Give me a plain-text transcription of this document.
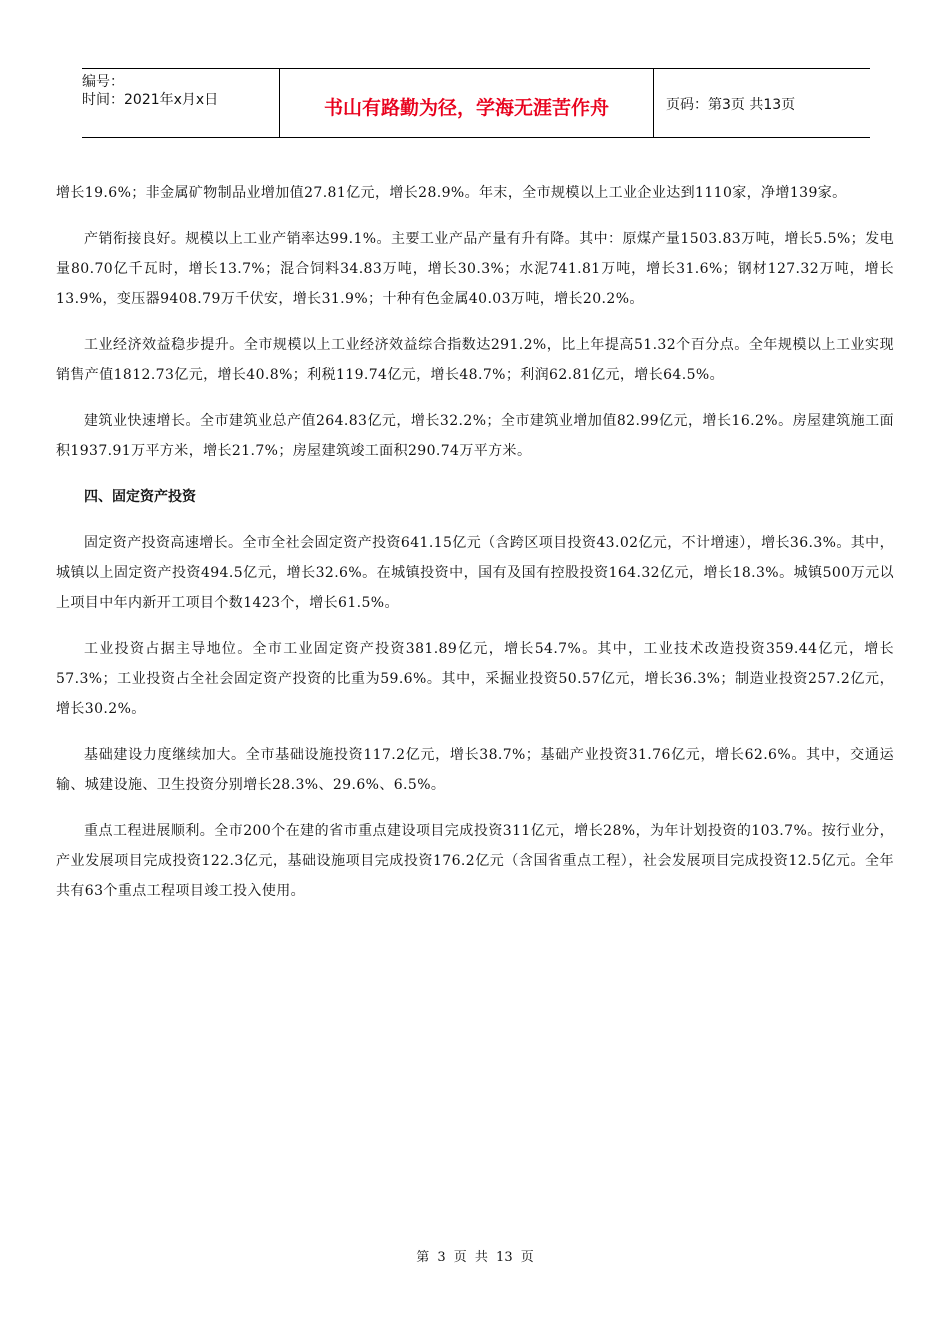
编号：
时间：2021年x月x日	书山有路勤为径，学海无涯苦作舟	页码：第3页 共13页

增长19.6%；非金属矿物制品业增加值27.81亿元，增长28.9%。年末，全市规模以上工业企业达到1110家，净增139家。

产销衔接良好。规模以上工业产销率达99.1%。主要工业产品产量有升有降。其中：原煤产量1503.83万吨，增长5.5%；发电量80.70亿千瓦时，增长13.7%；混合饲料34.83万吨，增长30.3%；水泥741.81万吨，增长31.6%；钢材127.32万吨，增长13.9%，变压器9408.79万千伏安，增长31.9%；十种有色金属40.03万吨，增长20.2%。

工业经济效益稳步提升。全市规模以上工业经济效益综合指数达291.2%，比上年提高51.32个百分点。全年规模以上工业实现销售产值1812.73亿元，增长40.8%；利税119.74亿元，增长48.7%；利润62.81亿元，增长64.5%。

建筑业快速增长。全市建筑业总产值264.83亿元，增长32.2%；全市建筑业增加值82.99亿元，增长16.2%。房屋建筑施工面积1937.91万平方米，增长21.7%；房屋建筑竣工面积290.74万平方米。

四、固定资产投资

固定资产投资高速增长。全市全社会固定资产投资641.15亿元（含跨区项目投资43.02亿元，不计增速），增长36.3%。其中，城镇以上固定资产投资494.5亿元，增长32.6%。在城镇投资中，国有及国有控股投资164.32亿元，增长18.3%。城镇500万元以上项目中年内新开工项目个数1423个，增长61.5%。

工业投资占据主导地位。全市工业固定资产投资381.89亿元，增长54.7%。其中，工业技术改造投资359.44亿元，增长57.3%；工业投资占全社会固定资产投资的比重为59.6%。其中，采掘业投资50.57亿元，增长36.3%；制造业投资257.2亿元，增长30.2%。

基础建设力度继续加大。全市基础设施投资117.2亿元，增长38.7%；基础产业投资31.76亿元，增长62.6%。其中，交通运输、城建设施、卫生投资分别增长28.3%、29.6%、6.5%。

重点工程进展顺利。全市200个在建的省市重点建设项目完成投资311亿元，增长28%，为年计划投资的103.7%。按行业分，产业发展项目完成投资122.3亿元，基础设施项目完成投资176.2亿元（含国省重点工程），社会发展项目完成投资12.5亿元。全年共有63个重点工程项目竣工投入使用。

第 3 页 共 13 页
